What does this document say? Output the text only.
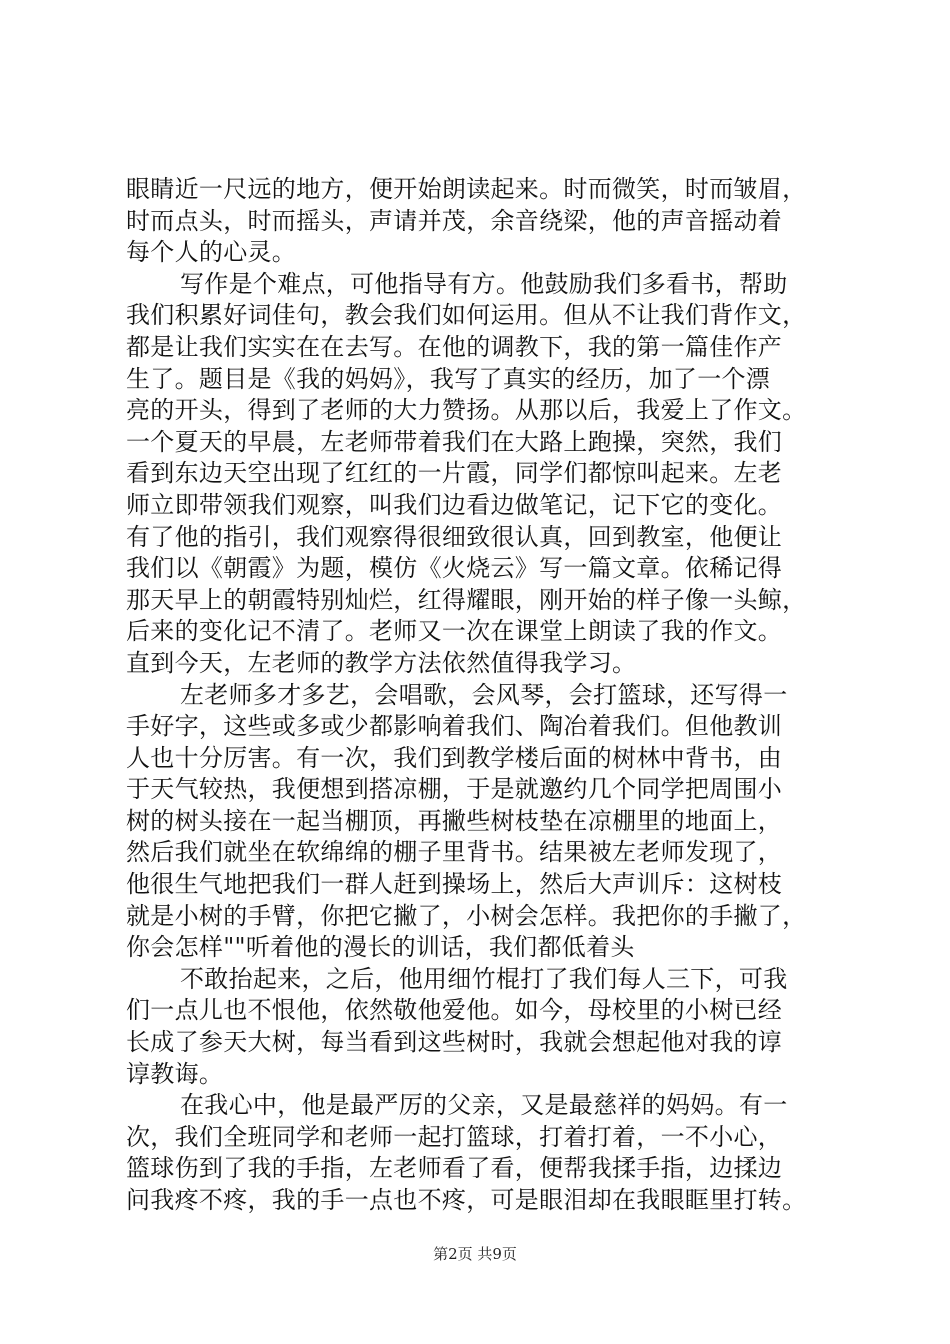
眼睛近一尺远的地方，便开始朗读起来。时而微笑，时而皱眉，
时而点头，时而摇头，声请并茂，余音绕梁，他的声音摇动着
每个人的心灵。
写作是个难点，可他指导有方。他鼓励我们多看书，帮助
我们积累好词佳句，教会我们如何运用。但从不让我们背作文，
都是让我们实实在在去写。在他的调教下，我的第一篇佳作产
生了。题目是《我的妈妈》，我写了真实的经历，加了一个漂
亮的开头，得到了老师的大力赞扬。从那以后，我爱上了作文。
一个夏天的早晨，左老师带着我们在大路上跑操，突然，我们
看到东边天空出现了红红的一片霞，同学们都惊叫起来。左老
师立即带领我们观察，叫我们边看边做笔记，记下它的变化。
有了他的指引，我们观察得很细致很认真，回到教室，他便让
我们以《朝霞》为题，模仿《火烧云》写一篇文章。依稀记得
那天早上的朝霞特别灿烂，红得耀眼，刚开始的样子像一头鲸，
后来的变化记不清了。老师又一次在课堂上朗读了我的作文。
直到今天，左老师的教学方法依然值得我学习。
左老师多才多艺，会唱歌，会风琴，会打篮球，还写得一
手好字，这些或多或少都影响着我们、陶冶着我们。但他教训
人也十分厉害。有一次，我们到教学楼后面的树林中背书，由
于天气较热，我便想到搭凉棚，于是就邀约几个同学把周围小
树的树头接在一起当棚顶，再撇些树枝垫在凉棚里的地面上，
然后我们就坐在软绵绵的棚子里背书。结果被左老师发现了，
他很生气地把我们一群人赶到操场上，然后大声训斥：这树枝
就是小树的手臂，你把它撇了，小树会怎样。我把你的手撇了，
你会怎样""听着他的漫长的训话，我们都低着头
不敢抬起来，之后，他用细竹棍打了我们每人三下，可我
们一点儿也不恨他，依然敬他爱他。如今，母校里的小树已经
长成了参天大树，每当看到这些树时，我就会想起他对我的谆
谆教诲。
在我心中，他是最严厉的父亲，又是最慈祥的妈妈。有一
次，我们全班同学和老师一起打篮球，打着打着，一不小心，
篮球伤到了我的手指，左老师看了看，便帮我揉手指，边揉边
问我疼不疼，我的手一点也不疼，可是眼泪却在我眼眶里打转。
第2页 共9页
